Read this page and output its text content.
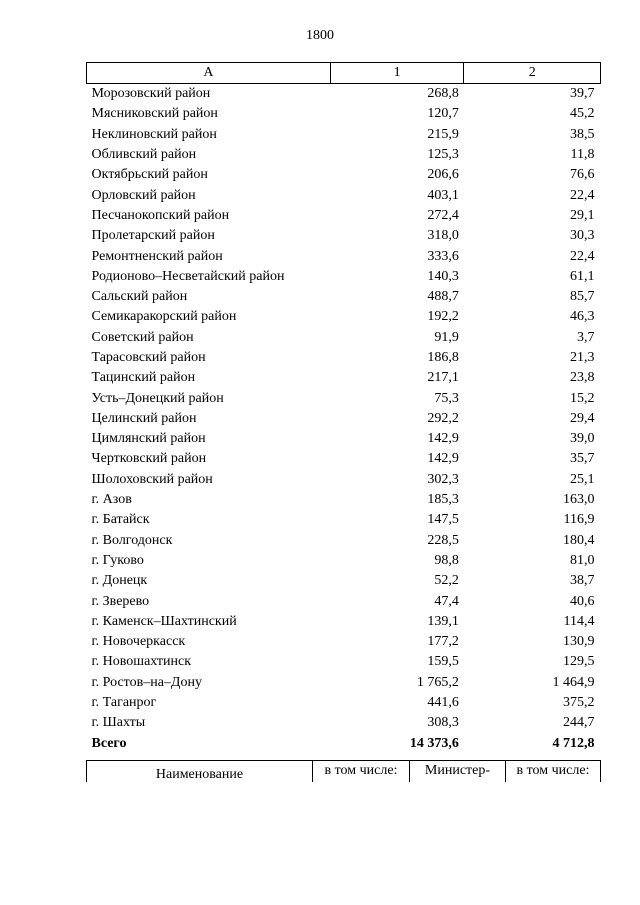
1800
А	1	2
Морозовский район	268,8	39,7
Мясниковский район	120,7	45,2
Неклиновский район	215,9	38,5
Обливский район	125,3	11,8
Октябрьский район	206,6	76,6
Орловский район	403,1	22,4
Песчанокопский район	272,4	29,1
Пролетарский район	318,0	30,3
Ремонтненский район	333,6	22,4
Родионово–Несветайский район	140,3	61,1
Сальский район	488,7	85,7
Семикаракорский район	192,2	46,3
Советский район	91,9	3,7
Тарасовский район	186,8	21,3
Тацинский район	217,1	23,8
Усть–Донецкий район	75,3	15,2
Целинский район	292,2	29,4
Цимлянский район	142,9	39,0
Чертковский район	142,9	35,7
Шолоховский район	302,3	25,1
г. Азов	185,3	163,0
г. Батайск	147,5	116,9
г. Волгодонск	228,5	180,4
г. Гуково	98,8	81,0
г. Донецк	52,2	38,7
г. Зверево	47,4	40,6
г. Каменск–Шахтинский	139,1	114,4
г. Новочеркасск	177,2	130,9
г. Новошахтинск	159,5	129,5
г. Ростов–на–Дону	1 765,2	1 464,9
г. Таганрог	441,6	375,2
г. Шахты	308,3	244,7
Всего	14 373,6	4 712,8
Наименование	в том числе:	Министер-	в том числе:
